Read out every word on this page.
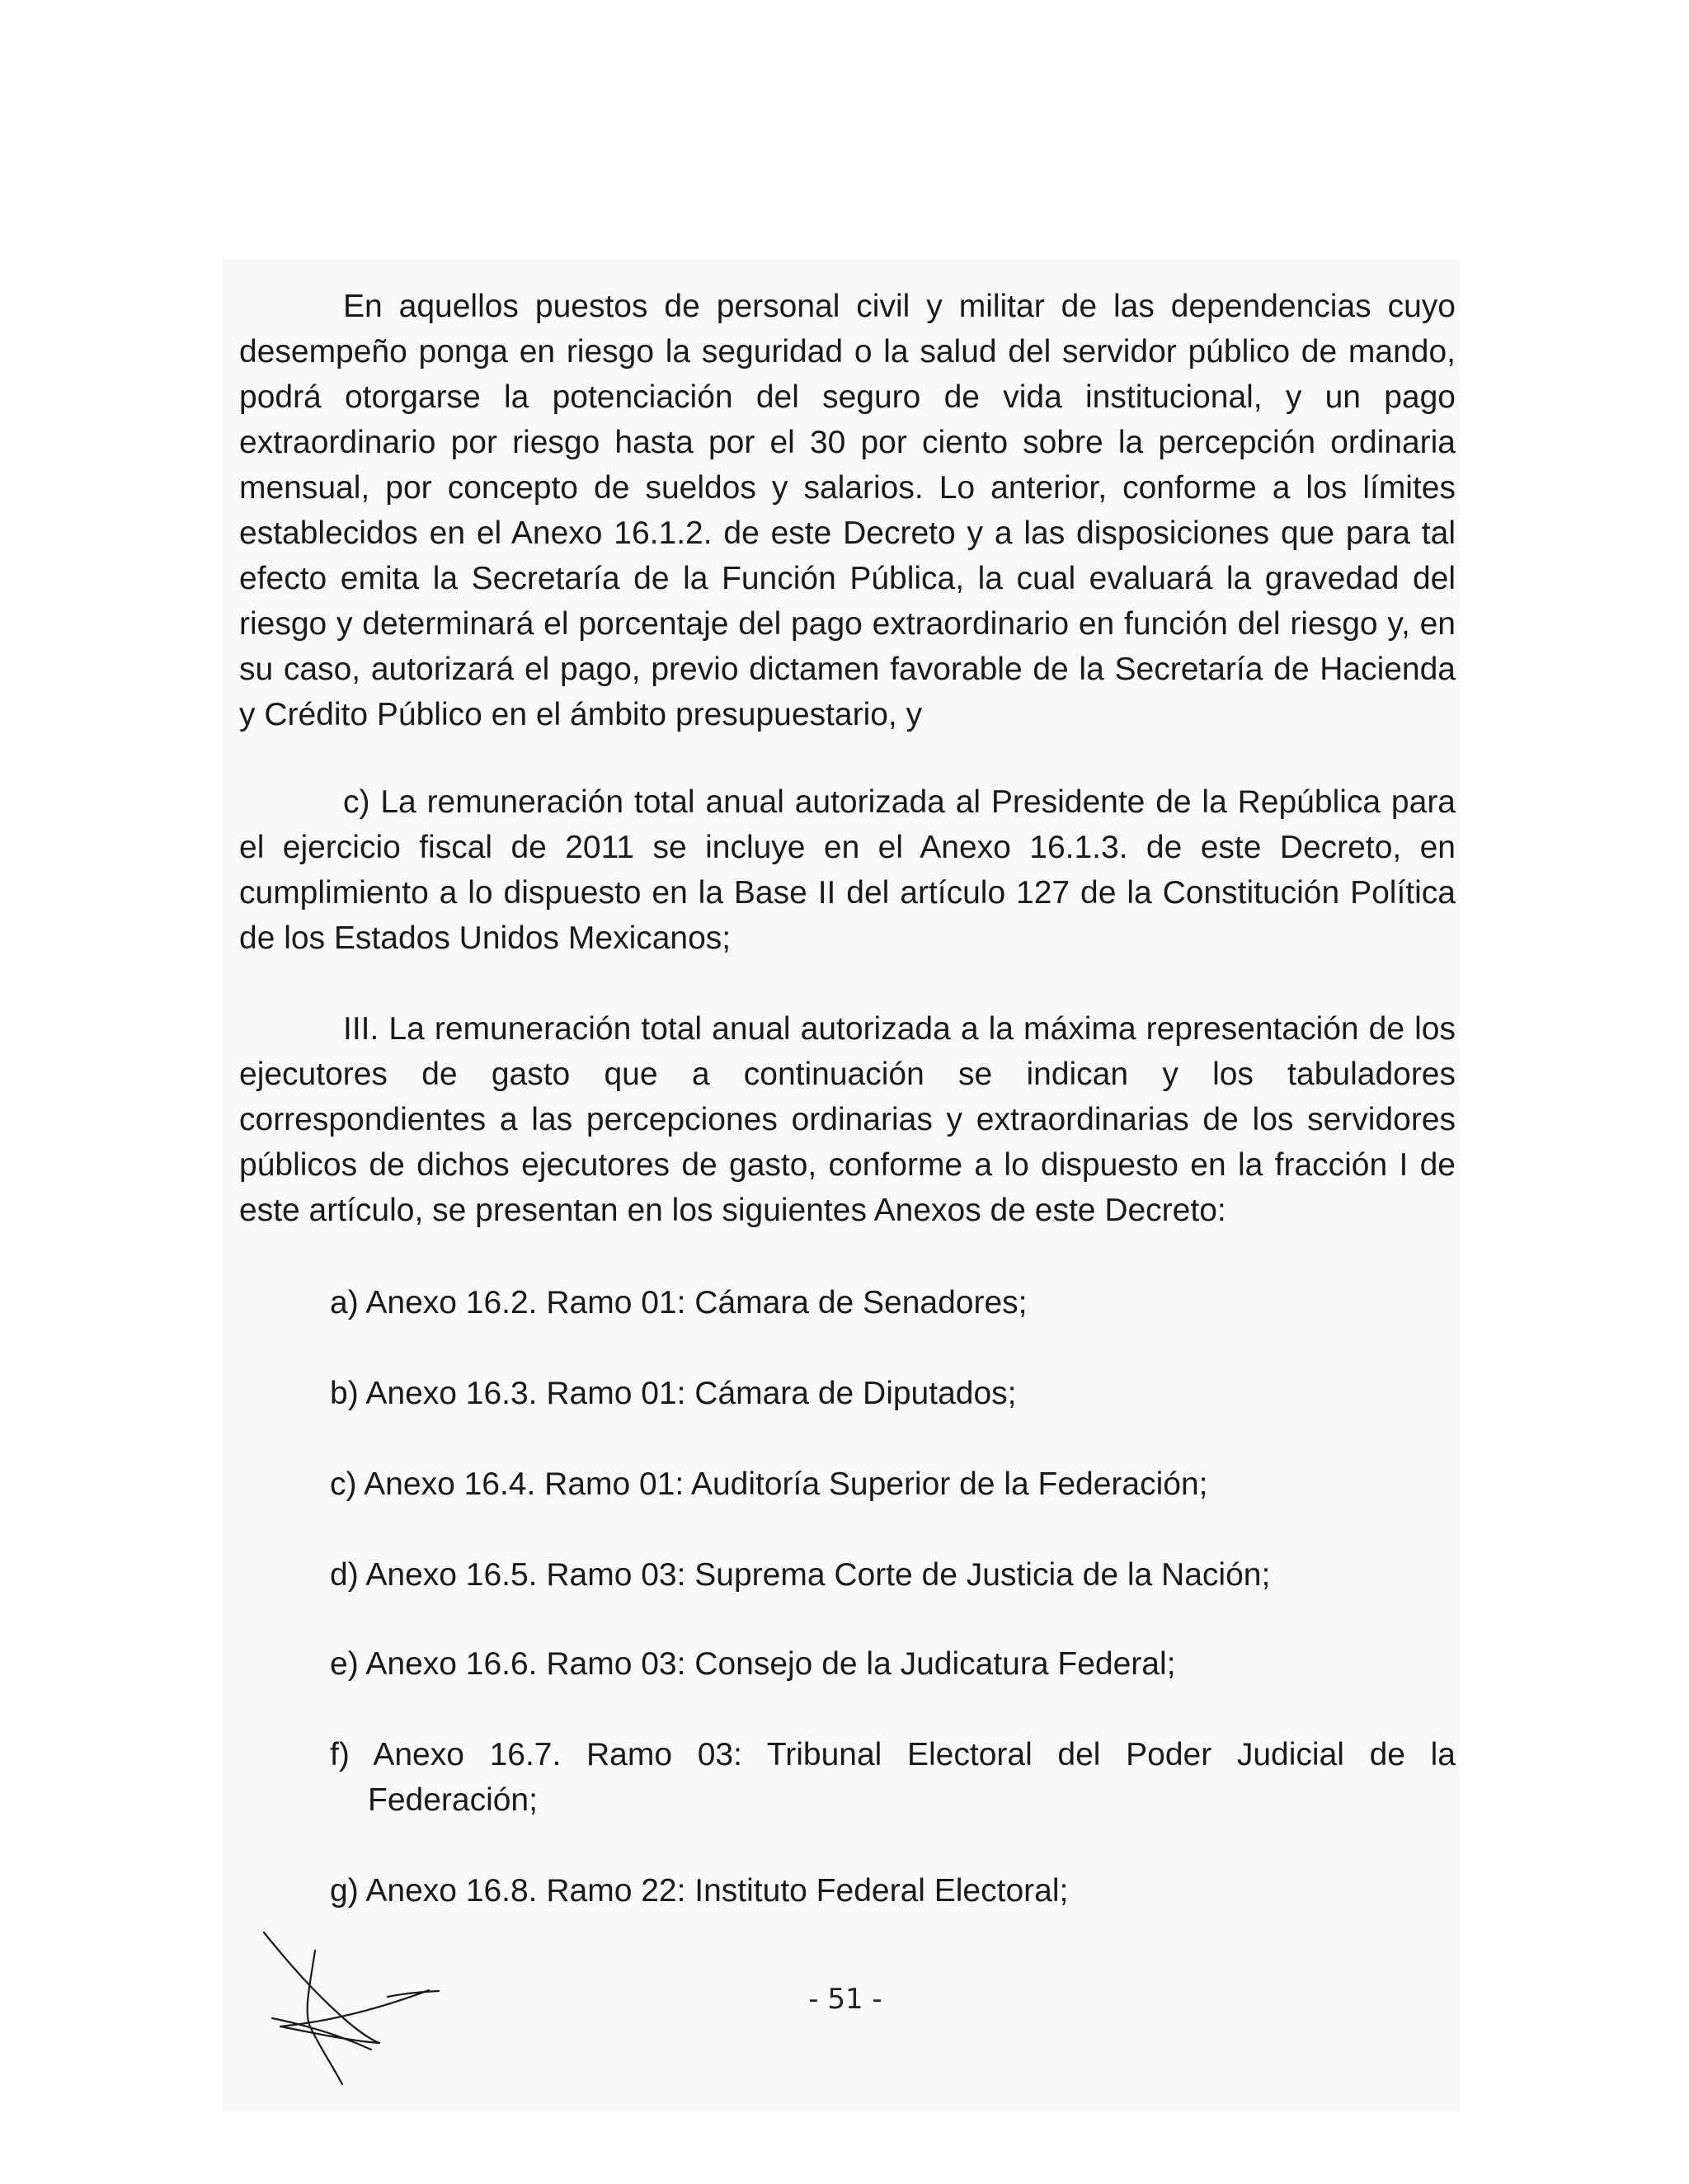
En aquellos puestos de personal civil y militar de las dependencias cuyo desempeño ponga en riesgo la seguridad o la salud del servidor público de mando, podrá otorgarse la potenciación del seguro de vida institucional, y un pago extraordinario por riesgo hasta por el 30 por ciento sobre la percepción ordinaria mensual, por concepto de sueldos y salarios. Lo anterior, conforme a los límites establecidos en el Anexo 16.1.2. de este Decreto y a las disposiciones que para tal efecto emita la Secretaría de la Función Pública, la cual evaluará la gravedad del riesgo y determinará el porcentaje del pago extraordinario en función del riesgo y, en su caso, autorizará el pago, previo dictamen favorable de la Secretaría de Hacienda y Crédito Público en el ámbito presupuestario, y

c) La remuneración total anual autorizada al Presidente de la República para el ejercicio fiscal de 2011 se incluye en el Anexo 16.1.3. de este Decreto, en cumplimiento a lo dispuesto en la Base II del artículo 127 de la Constitución Política de los Estados Unidos Mexicanos;

III. La remuneración total anual autorizada a la máxima representación de los ejecutores de gasto que a continuación se indican y los tabuladores correspondientes a las percepciones ordinarias y extraordinarias de los servidores públicos de dichos ejecutores de gasto, conforme a lo dispuesto en la fracción I de este artículo, se presentan en los siguientes Anexos de este Decreto:

a) Anexo 16.2. Ramo 01: Cámara de Senadores;
b) Anexo 16.3. Ramo 01: Cámara de Diputados;
c) Anexo 16.4. Ramo 01: Auditoría Superior de la Federación;
d) Anexo 16.5. Ramo 03: Suprema Corte de Justicia de la Nación;
e) Anexo 16.6. Ramo 03: Consejo de la Judicatura Federal;
f) Anexo 16.7. Ramo 03: Tribunal Electoral del Poder Judicial de la
Federación;
g) Anexo 16.8. Ramo 22: Instituto Federal Electoral;
- 51 -
